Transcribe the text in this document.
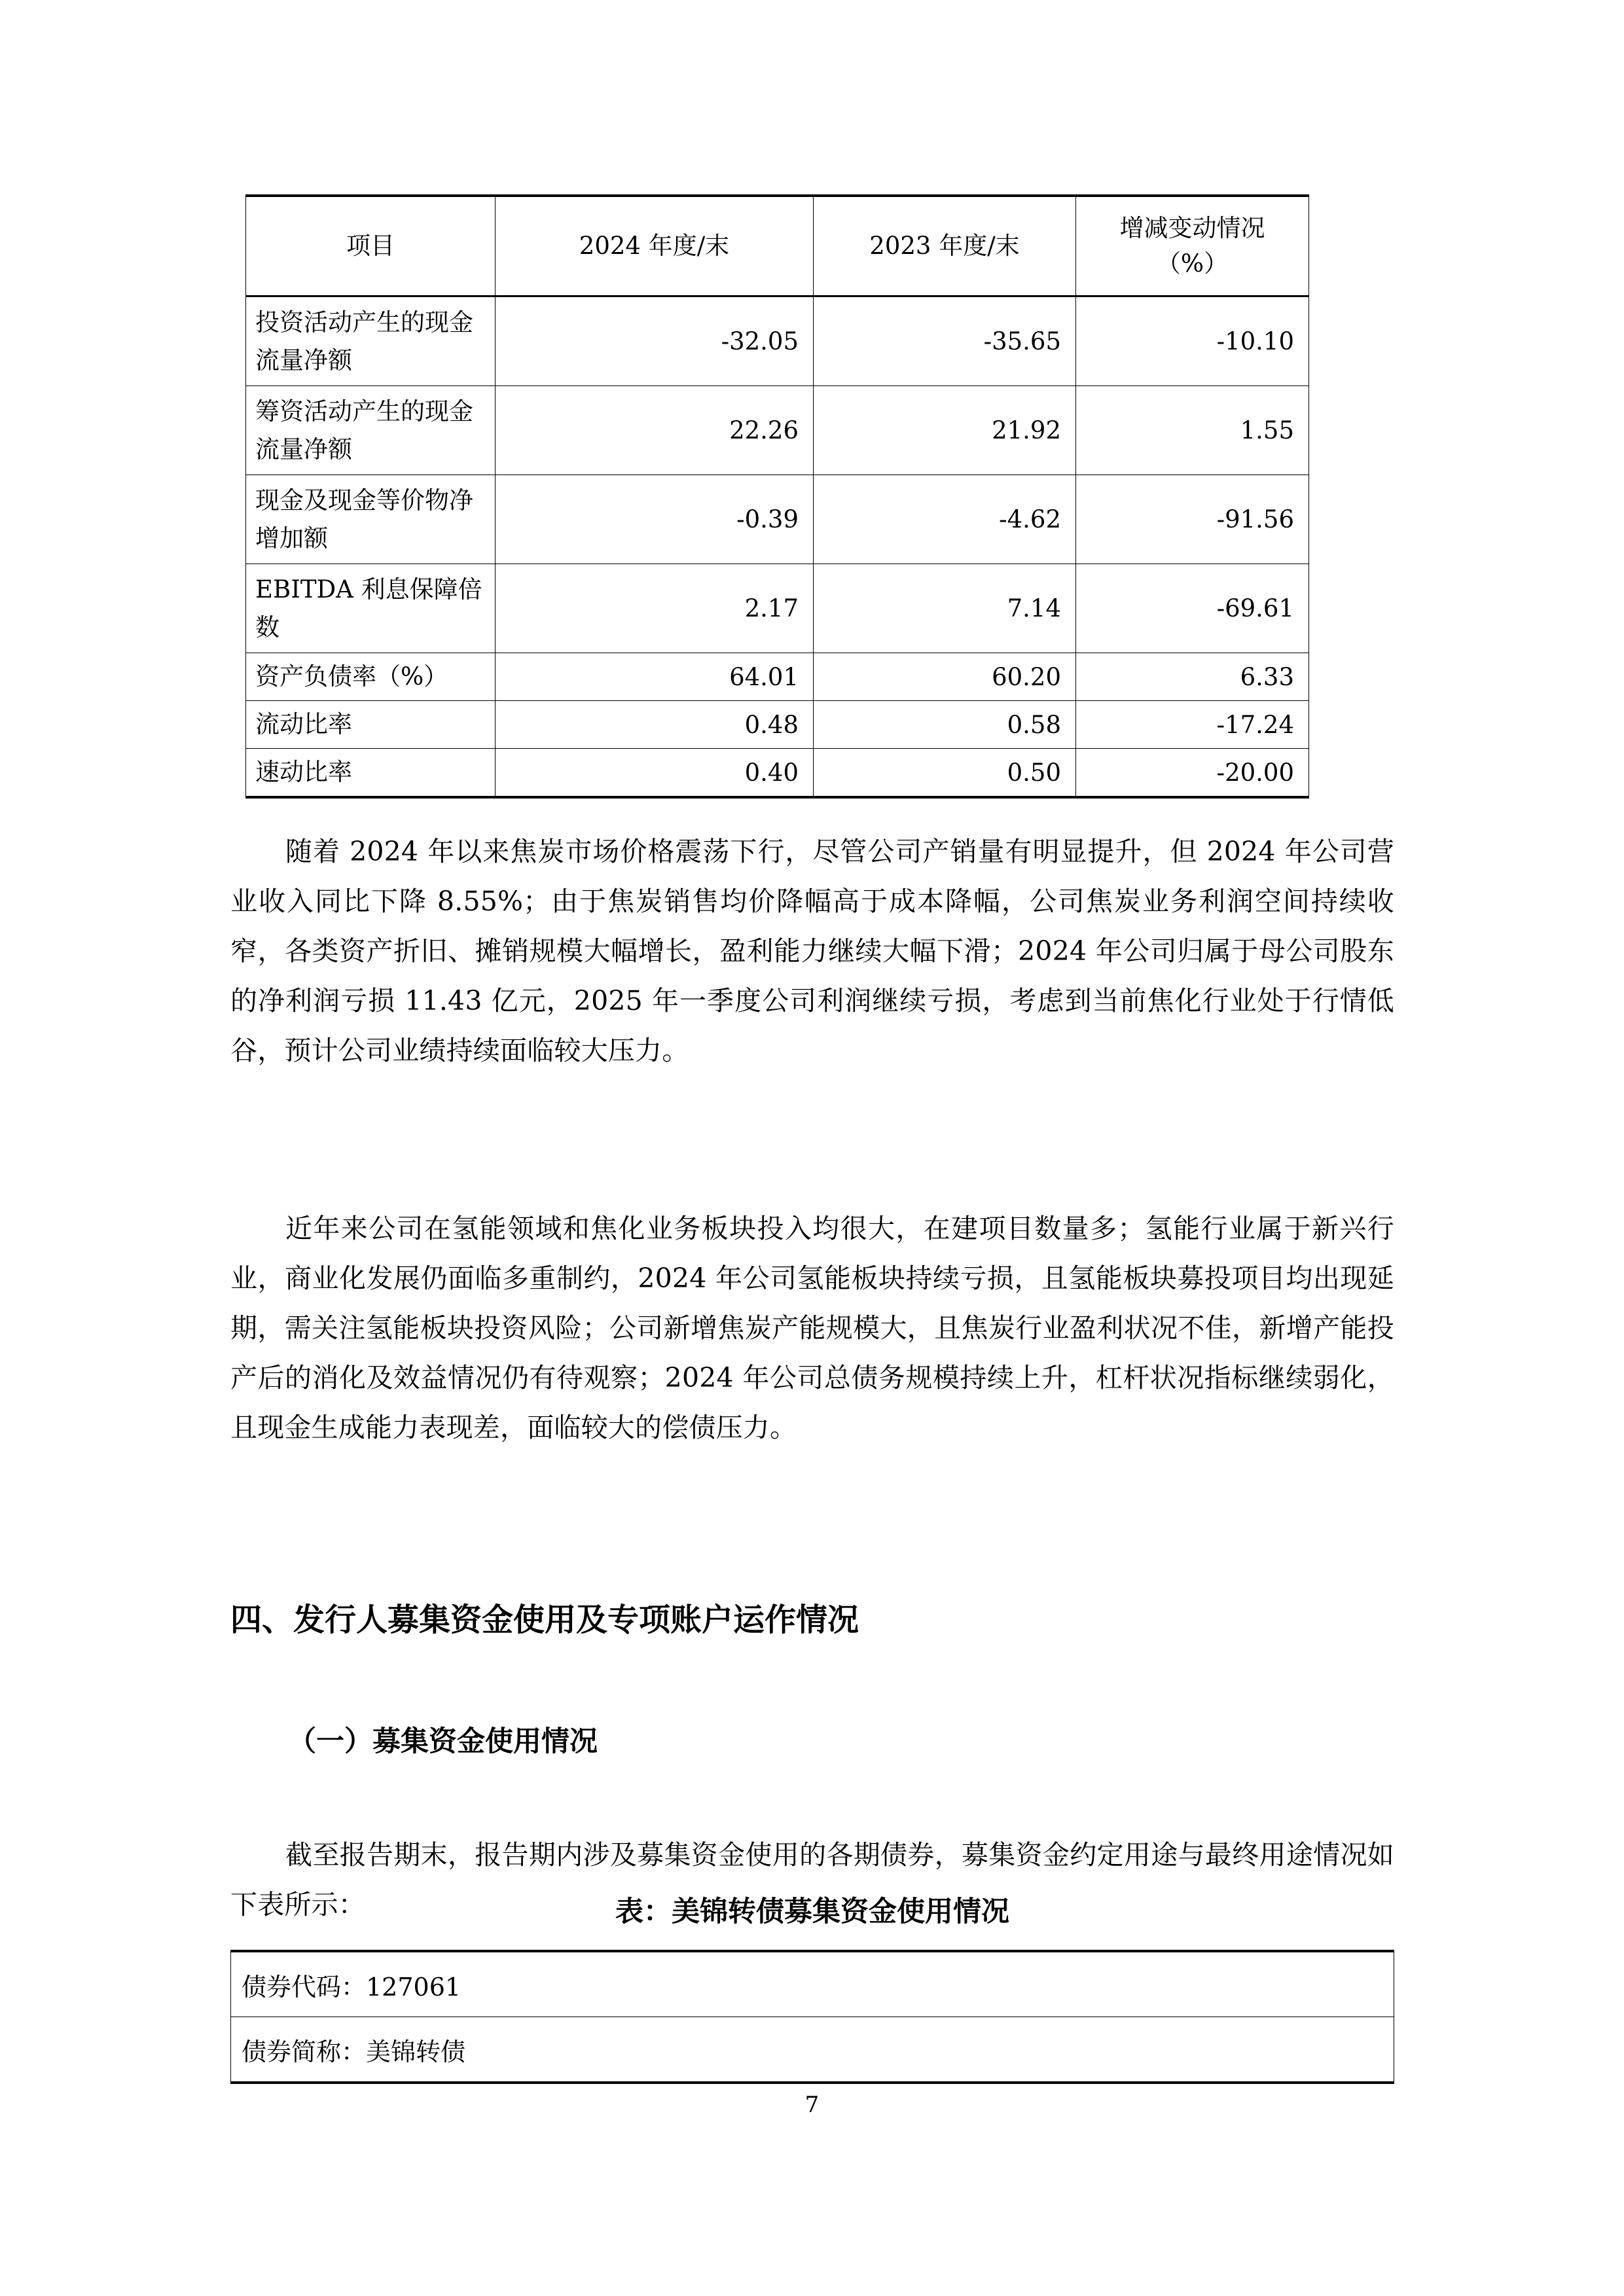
项目	2024 年度/末	2023 年度/末	增减变动情况
（%）

投资活动产生的现金流量净额	-32.05	-35.65	-10.10
筹资活动产生的现金流量净额	22.26	21.92	1.55
现金及现金等价物净增加额	-0.39	-4.62	-91.56
EBITDA 利息保障倍数	2.17	7.14	-69.61
资产负债率（%）	64.01	60.20	6.33
流动比率	0.48	0.58	-17.24
速动比率	0.40	0.50	-20.00

随着 2024 年以来焦炭市场价格震荡下行，尽管公司产销量有明显提升，但 2024 年公司营业收入同比下降 8.55%；由于焦炭销售均价降幅高于成本降幅，公司焦炭业务利润空间持续收窄，各类资产折旧、摊销规模大幅增长，盈利能力继续大幅下滑；2024 年公司归属于母公司股东的净利润亏损 11.43 亿元，2025 年一季度公司利润继续亏损，考虑到当前焦化行业处于行情低谷，预计公司业绩持续面临较大压力。

近年来公司在氢能领域和焦化业务板块投入均很大，在建项目数量多；氢能行业属于新兴行业，商业化发展仍面临多重制约，2024 年公司氢能板块持续亏损，且氢能板块募投项目均出现延期，需关注氢能板块投资风险；公司新增焦炭产能规模大，且焦炭行业盈利状况不佳，新增产能投产后的消化及效益情况仍有待观察；2024 年公司总债务规模持续上升，杠杆状况指标继续弱化，且现金生成能力表现差，面临较大的偿债压力。

四、发行人募集资金使用及专项账户运作情况
（一）募集资金使用情况

截至报告期末，报告期内涉及募集资金使用的各期债券，募集资金约定用途与最终用途情况如下表所示：	表：美锦转债募集资金使用情况
债券代码：127061
债券简称：美锦转债
7
